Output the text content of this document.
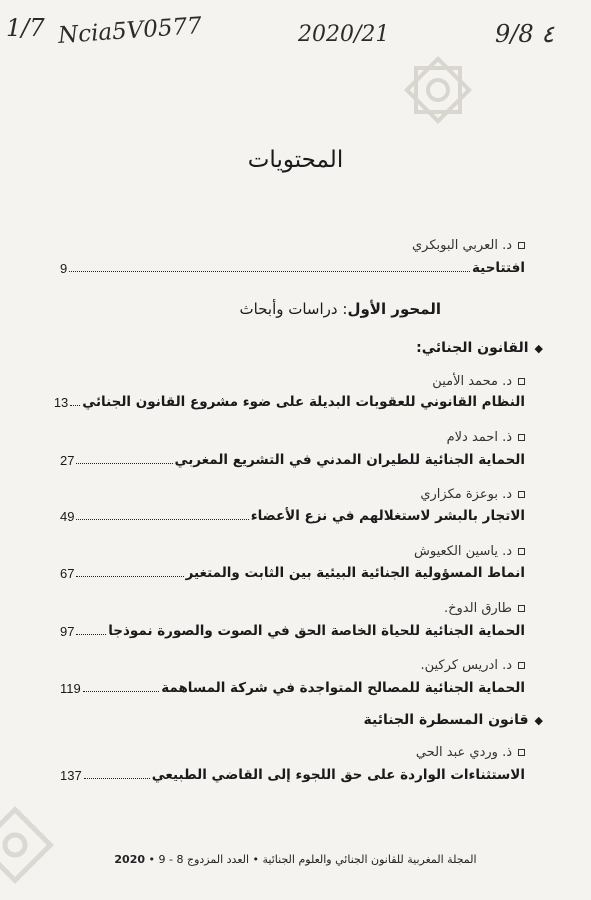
1/7 Ncia5V0577	2020/21	9/8 ٤
المحتويات
د. العربي البوبكري
افتتاحية
9
المحور الأول: دراسات وأبحاث
◆القانون الجنائي:
د. محمد الأمين
النظام القانوني للعقوبات البديلة على ضوء مشروع القانون الجنائي
13
ذ. احمد دلام
الحماية الجنائية للطيران المدني في التشريع المغربي
27
د. بوعزة مكزاري
الاتجار بالبشر لاستغلالهم في نزع الأعضاء
49
د. ياسين الكعيوش
انماط المسؤولية الجنائية البيئية بين الثابت والمتغير
67
طارق الدوخ.
الحماية الجنائية للحياة الخاصة الحق في الصوت والصورة نموذجا
97
د. ادريس كركين.
الحماية الجنائية للمصالح المتواجدة في شركة المساهمة
119
◆قانون المسطرة الجنائية
ذ. وردي عبد الحي
الاستثناءات الواردة على حق اللجوء إلى القاضي الطبيعي
137
المجلة المغربية للقانون الجنائي والعلوم الجنائية • العدد المزدوج 8 - 9 • 2020
